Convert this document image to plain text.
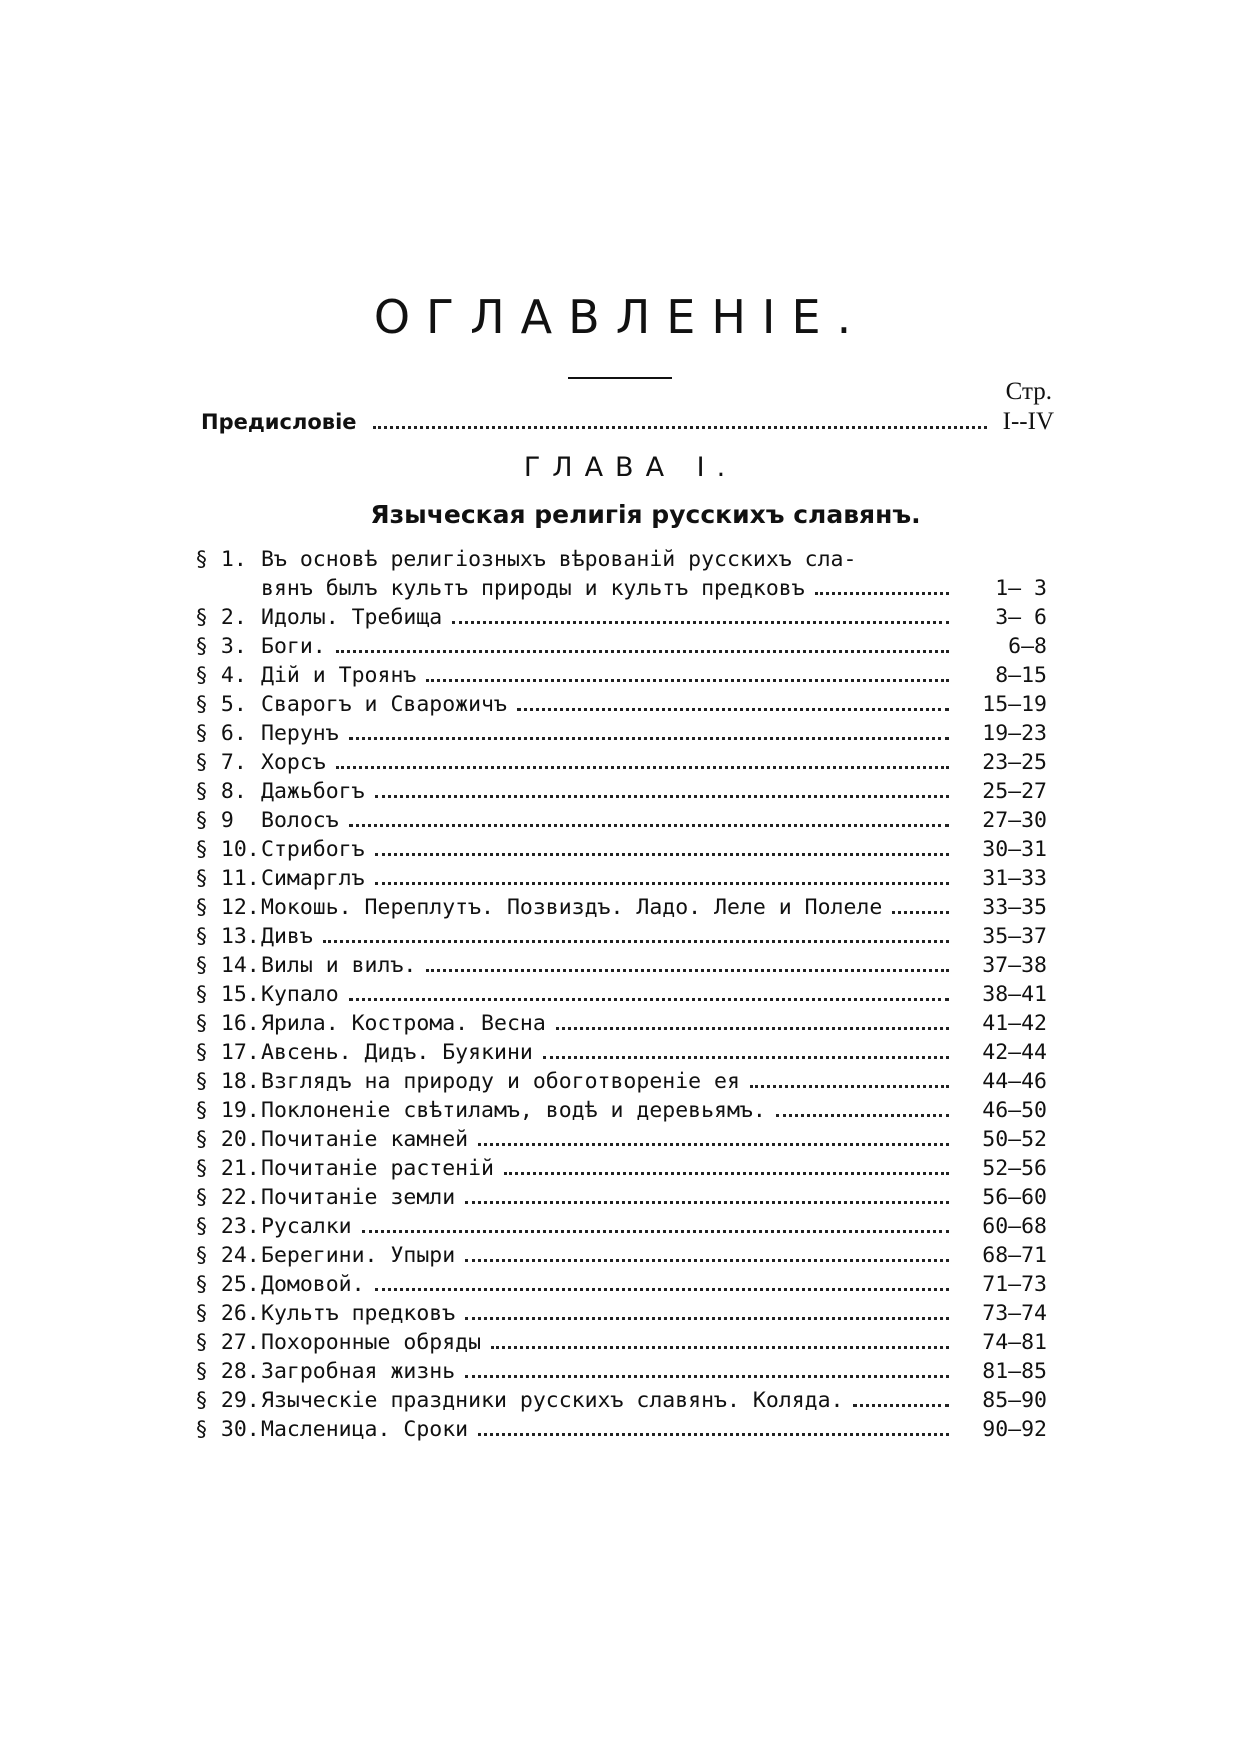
ОГЛАВЛЕНІЕ.
Стр.
Предисловіе	I--IV
ГЛАВА I.
Языческая религія русскихъ славянъ.
§ 1. Въ основѣ религіозныхъ вѣрованій русскихъ сла-
вянъ былъ культъ природы и культъ предковъ	1– 3
§ 2. Идолы. Требища	3– 6
§ 3. Боги.	6—8
§ 4. Дій и Троянъ	8—15
§ 5. Сварогъ и Сварожичъ	15—19
§ 6. Перунъ	19—23
§ 7. Хорсъ	23—25
§ 8. Дажьбогъ	25—27
§ 9	Волосъ	27—30
§ 10. Стрибогъ	30—31
§ 11. Симарглъ	31—33
§ 12. Мокошь. Переплутъ. Позвиздъ. Ладо. Леле и Полеле	33—35
§ 13. Дивъ	35—37
§ 14. Вилы и вилъ.	37—38
§ 15. Купало	38—41
§ 16. Ярила. Кострома. Весна	41—42
§ 17. Авсень. Дидъ. Буякини	42—44
§ 18. Взглядъ на природу и обоготвореніе ея	44—46
§ 19. Поклоненіе свѣтиламъ, водѣ и деревьямъ.	46—50
§ 20. Почитаніе камней	50—52
§ 21. Почитаніе растеній	52—56
§ 22. Почитаніе земли	56—60
§ 23. Русалки	60—68
§ 24. Берегини. Упыри	68—71
§ 25. Домовой.	71—73
§ 26. Культъ предковъ	73—74
§ 27. Похоронные обряды	74—81
§ 28. Загробная жизнь	81—85
§ 29. Языческіе праздники русскихъ славянъ. Коляда.	85—90
§ 30. Масленица. Сроки	90—92
